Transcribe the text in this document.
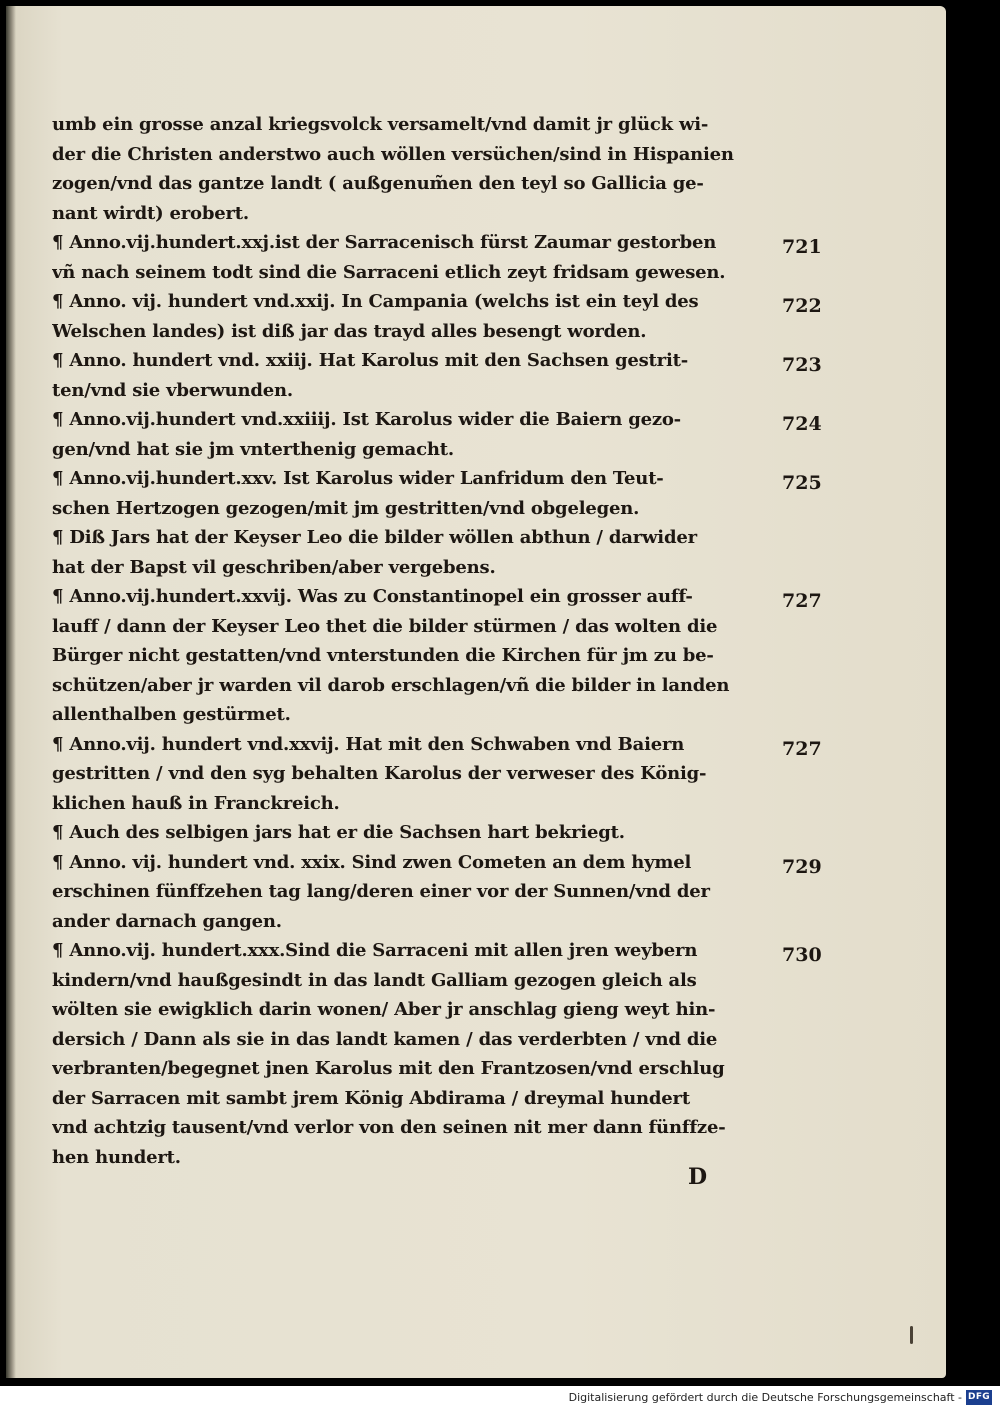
umb ein grosse anzal kriegsvolck versamelt/vnd damit jr glück wi-
der die Christen anderstwo auch wöllen versüchen/sind in Hispanien
zogen/vnd das gantze landt ( außgenum̃en den teyl so Gallicia ge-
nant wirdt) erobert.
¶ Anno.vij.hundert.xxj.ist der Sarracenisch fürst Zaumar gestorben
vñ nach seinem todt sind die Sarraceni etlich zeyt fridsam gewesen.
¶ Anno. vij. hundert vnd.xxij. In Campania (welchs ist ein teyl des
Welschen landes) ist diß jar das trayd alles besengt worden.
¶ Anno. hundert vnd. xxiij. Hat Karolus mit den Sachsen gestrit-
ten/vnd sie vberwunden.
¶ Anno.vij.hundert vnd.xxiiij. Ist Karolus wider die Baiern gezo-
gen/vnd hat sie jm vnterthenig gemacht.
¶ Anno.vij.hundert.xxv. Ist Karolus wider Lanfridum den Teut-
schen Hertzogen gezogen/mit jm gestritten/vnd obgelegen.
¶ Diß Jars hat der Keyser Leo die bilder wöllen abthun / darwider
hat der Bapst vil geschriben/aber vergebens.
¶ Anno.vij.hundert.xxvij. Was zu Constantinopel ein grosser auff-
lauff / dann der Keyser Leo thet die bilder stürmen / das wolten die
Bürger nicht gestatten/vnd vnterstunden die Kirchen für jm zu be-
schützen/aber jr warden vil darob erschlagen/vñ die bilder in landen
allenthalben gestürmet.
¶ Anno.vij. hundert vnd.xxvij. Hat mit den Schwaben vnd Baiern
gestritten / vnd den syg behalten Karolus der verweser des König-
klichen hauß in Franckreich.
¶ Auch des selbigen jars hat er die Sachsen hart bekriegt.
¶ Anno. vij. hundert vnd. xxix. Sind zwen Cometen an dem hymel
erschinen fünffzehen tag lang/deren einer vor der Sunnen/vnd der
ander darnach gangen.
¶ Anno.vij. hundert.xxx.Sind die Sarraceni mit allen jren weybern
kindern/vnd haußgesindt in das landt Galliam gezogen gleich als
wölten sie ewigklich darin wonen/ Aber jr anschlag gieng weyt hin-
dersich / Dann als sie in das landt kamen / das verderbten / vnd die
verbranten/begegnet jnen Karolus mit den Frantzosen/vnd erschlug
der Sarracen mit sambt jrem König Abdirama / dreymal hundert
vnd achtzig tausent/vnd verlor von den seinen nit mer dann fünffze-
hen hundert.
721
722
723
724
725
727
727
729
730
D
Digitalisierung gefördert durch die Deutsche Forschungsgemeinschaft - DFG
